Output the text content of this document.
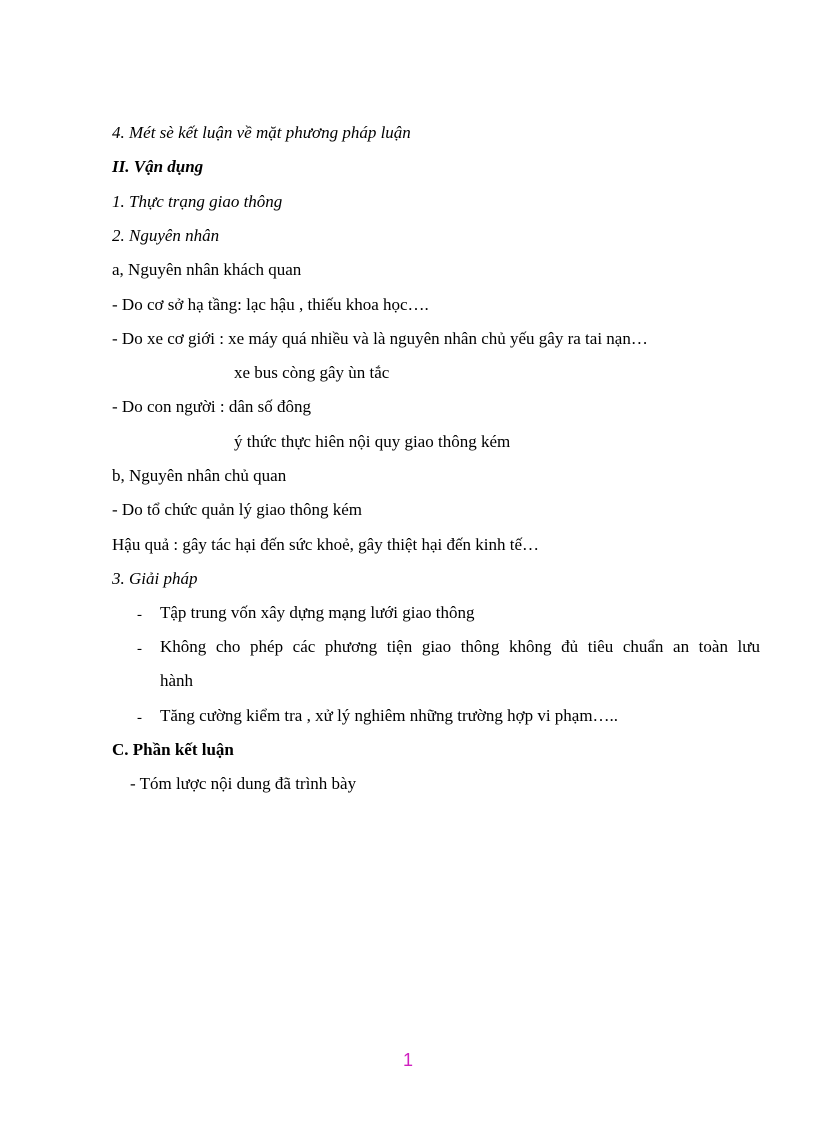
4. Mét sè kết luận về mặt phương pháp luận
II. Vận dụng
1. Thực trạng giao thông
2. Nguyên nhân
a, Nguyên nhân khách quan
- Do cơ sở hạ tầng: lạc hậu , thiếu khoa học….
- Do xe cơ giới : xe máy quá nhiều và là nguyên nhân chủ yếu gây ra tai nạn…
xe bus còng gây ùn tắc
- Do con người : dân số đông
ý thức thực hiên nội quy giao thông kém
b, Nguyên nhân chủ quan
- Do tổ chức quản lý giao thông kém
Hậu quả : gây tác hại đến sức khoẻ, gây thiệt hại đến kinh tế…
3. Giải pháp
- Tập trung vốn xây dựng mạng lưới giao thông
- Không cho phép các phương tiện giao thông không đủ tiêu chuẩn an toàn lưu
hành
- Tăng cường kiểm tra , xử lý nghiêm những trường hợp vi phạm…..
C. Phần kết luận
- Tóm lược nội dung đã trình bày
1
